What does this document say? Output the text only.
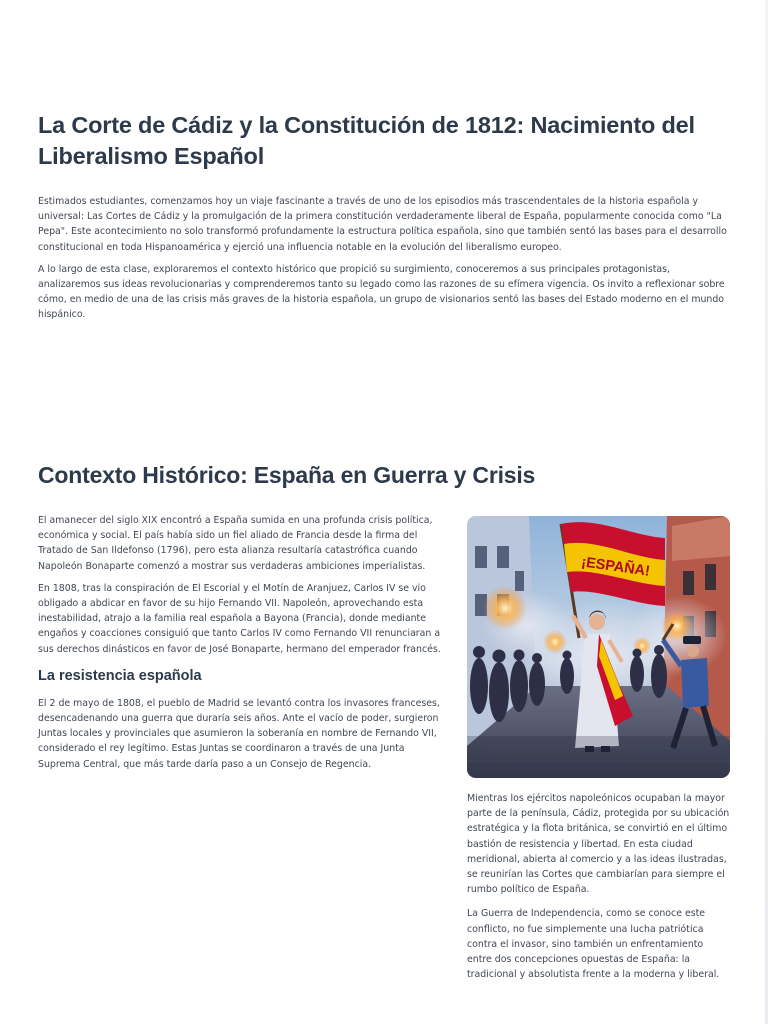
La Corte de Cádiz y la Constitución de 1812: Nacimiento del Liberalismo Español

Estimados estudiantes, comenzamos hoy un viaje fascinante a través de uno de los episodios más trascendentales de la historia española y universal: Las Cortes de Cádiz y la promulgación de la primera constitución verdaderamente liberal de España, popularmente conocida como "La Pepa". Este acontecimiento no solo transformó profundamente la estructura política española, sino que también sentó las bases para el desarrollo constitucional en toda Hispanoamérica y ejerció una influencia notable en la evolución del liberalismo europeo.

A lo largo de esta clase, exploraremos el contexto histórico que propició su surgimiento, conoceremos a sus principales protagonistas, analizaremos sus ideas revolucionarias y comprenderemos tanto su legado como las razones de su efímera vigencia. Os invito a reflexionar sobre cómo, en medio de una de las crisis más graves de la historia española, un grupo de visionarios sentó las bases del Estado moderno en el mundo hispánico.

Contexto Histórico: España en Guerra y Crisis

El amanecer del siglo XIX encontró a España sumida en una profunda crisis política, económica y social. El país había sido un fiel aliado de Francia desde la firma del Tratado de San Ildefonso (1796), pero esta alianza resultaría catastrófica cuando Napoleón Bonaparte comenzó a mostrar sus verdaderas ambiciones imperialistas.

En 1808, tras la conspiración de El Escorial y el Motín de Aranjuez, Carlos IV se vio obligado a abdicar en favor de su hijo Fernando VII. Napoleón, aprovechando esta inestabilidad, atrajo a la familia real española a Bayona (Francia), donde mediante engaños y coacciones consiguió que tanto Carlos IV como Fernando VII renunciaran a sus derechos dinásticos en favor de José Bonaparte, hermano del emperador francés.

La resistencia española

El 2 de mayo de 1808, el pueblo de Madrid se levantó contra los invasores franceses, desencadenando una guerra que duraría seis años. Ante el vacío de poder, surgieron Juntas locales y provinciales que asumieron la soberanía en nombre de Fernando VII, considerado el rey legítimo. Estas Juntas se coordinaron a través de una Junta Suprema Central, que más tarde daría paso a un Consejo de Regencia.

¡ESPAÑA!

Mientras los ejércitos napoleónicos ocupaban la mayor parte de la península, Cádiz, protegida por su ubicación estratégica y la flota británica, se convirtió en el último bastión de resistencia y libertad. En esta ciudad meridional, abierta al comercio y a las ideas ilustradas, se reunirían las Cortes que cambiarían para siempre el rumbo político de España.

La Guerra de Independencia, como se conoce este conflicto, no fue simplemente una lucha patriótica contra el invasor, sino también un enfrentamiento entre dos concepciones opuestas de España: la tradicional y absolutista frente a la moderna y liberal.
